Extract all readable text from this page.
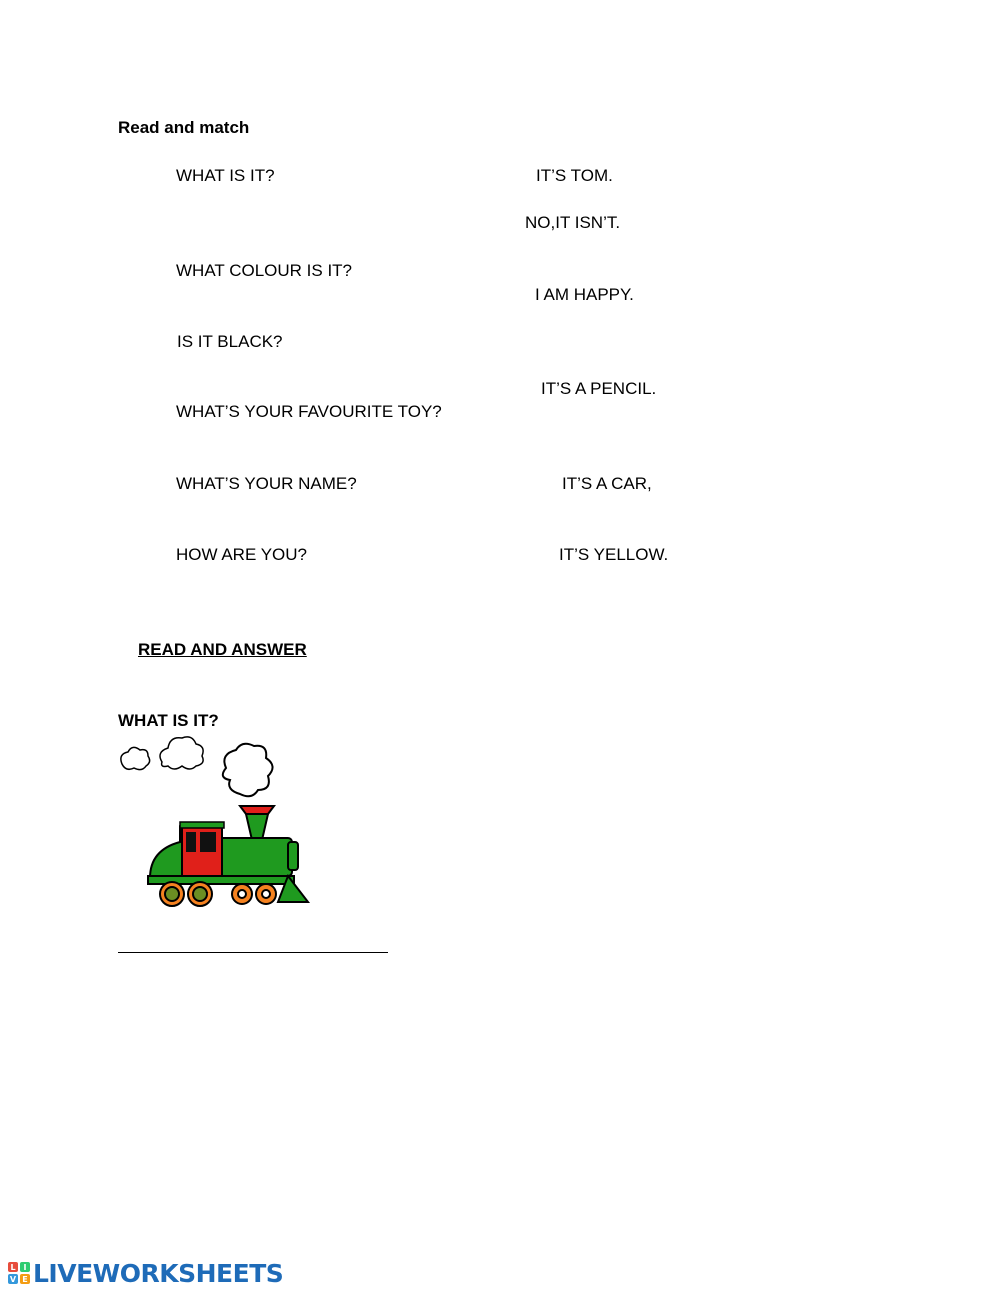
Read and match
WHAT IS IT?
WHAT COLOUR IS IT?
IS IT BLACK?
WHAT’S YOUR FAVOURITE TOY?
WHAT’S YOUR NAME?
HOW ARE YOU?
IT’S TOM.
NO,IT ISN’T.
I AM HAPPY.
IT’S A PENCIL.
IT’S A CAR,
IT’S YELLOW.
READ AND ANSWER
WHAT IS IT?
L I
V E LIVEWORKSHEETS
